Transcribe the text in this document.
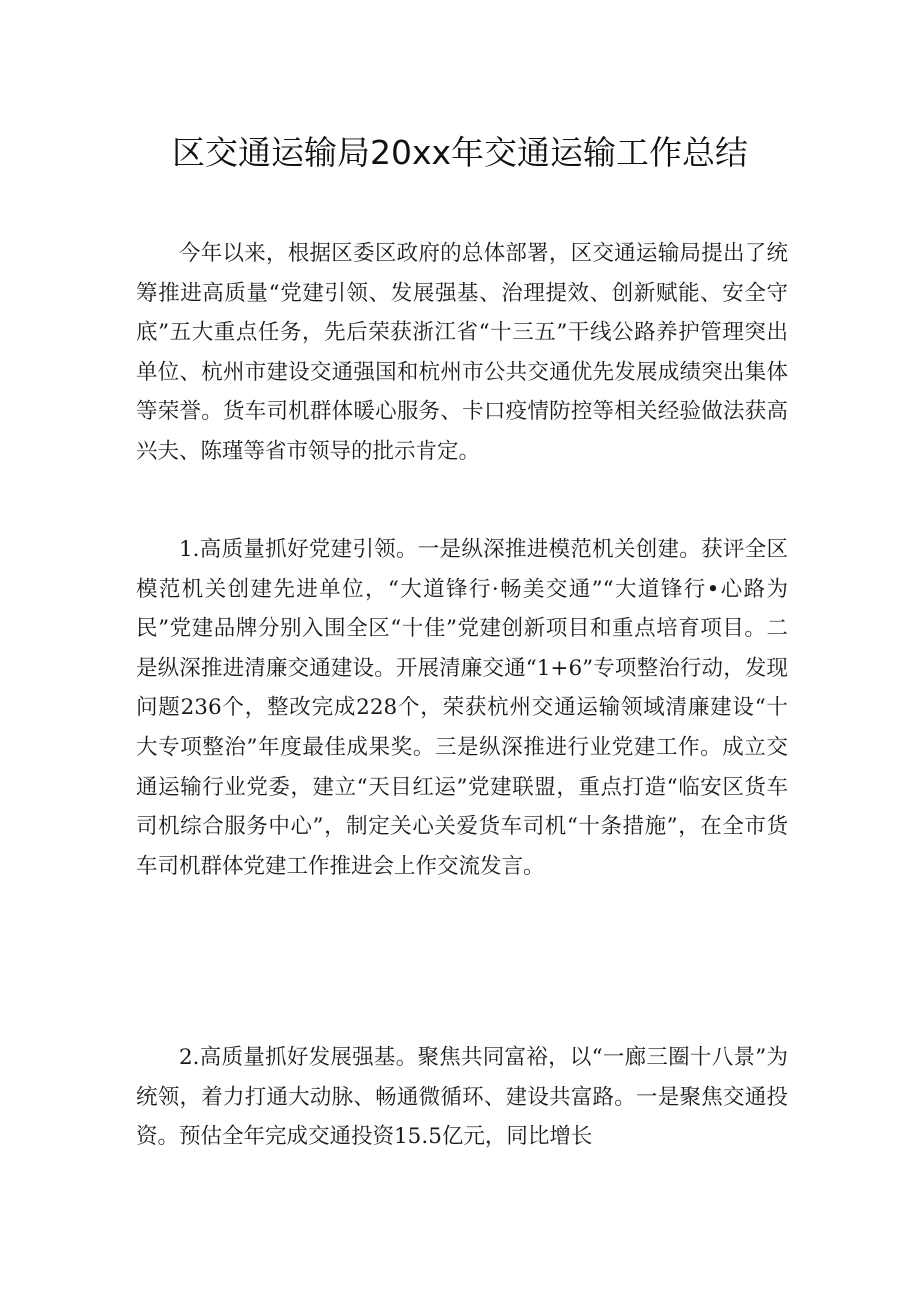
区交通运输局20xx年交通运输工作总结

今年以来，根据区委区政府的总体部署，区交通运输局提出了统筹推进高质量“党建引领、发展强基、治理提效、创新赋能、安全守底”五大重点任务，先后荣获浙江省“十三五”干线公路养护管理突出单位、杭州市建设交通强国和杭州市公共交通优先发展成绩突出集体等荣誉。货车司机群体暖心服务、卡口疫情防控等相关经验做法获高兴夫、陈瑾等省市领导的批示肯定。

1.高质量抓好党建引领。一是纵深推进模范机关创建。获评全区模范机关创建先进单位，“大道锋行·畅美交通”“大道锋行•心路为民”党建品牌分别入围全区“十佳”党建创新项目和重点培育项目。二是纵深推进清廉交通建设。开展清廉交通“1+6”专项整治行动，发现问题236个，整改完成228个，荣获杭州交通运输领域清廉建设“十大专项整治”年度最佳成果奖。三是纵深推进行业党建工作。成立交通运输行业党委，建立“天目红运”党建联盟，重点打造“临安区货车司机综合服务中心”，制定关心关爱货车司机“十条措施”，在全市货车司机群体党建工作推进会上作交流发言。

2.高质量抓好发展强基。聚焦共同富裕，以“一廊三圈十八景”为统领，着力打通大动脉、畅通微循环、建设共富路。一是聚焦交通投资。预估全年完成交通投资15.5亿元，同比增长
